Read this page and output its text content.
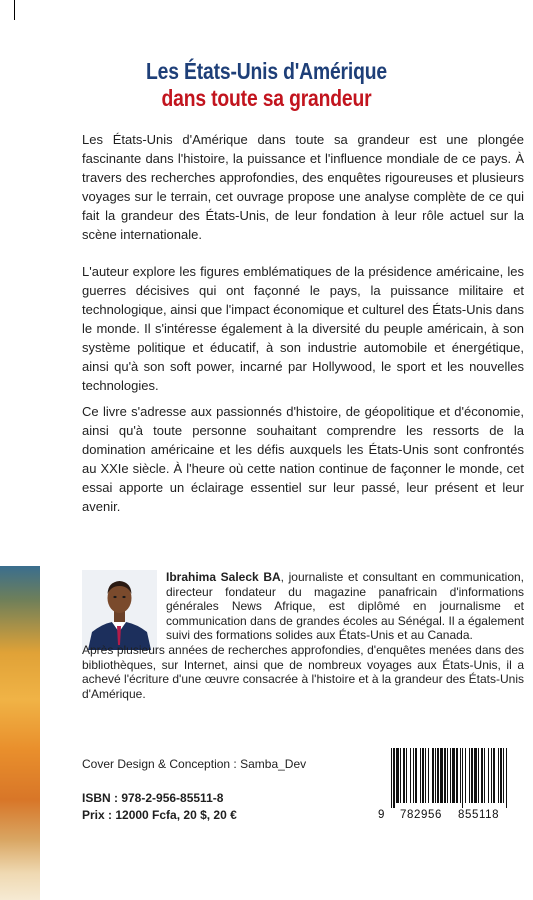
Les États-Unis d'Amérique
dans toute sa grandeur

Les États-Unis d'Amérique dans toute sa grandeur est une plongée fascinante dans l'histoire, la puissance et l'influence mondiale de ce pays. À travers des recherches approfondies, des enquêtes rigoureuses et plusieurs voyages sur le terrain, cet ouvrage propose une analyse complète de ce qui fait la grandeur des États-Unis, de leur fondation à leur rôle actuel sur la scène internationale.

L'auteur explore les figures emblématiques de la présidence américaine, les guerres décisives qui ont façonné le pays, la puissance militaire et technologique, ainsi que l'impact économique et culturel des États-Unis dans le monde. Il s'intéresse également à la diversité du peuple américain, à son système politique et éducatif, à son industrie automobile et énergétique, ainsi qu'à son soft power, incarné par Hollywood, le sport et les nouvelles technologies.

Ce livre s'adresse aux passionnés d'histoire, de géopolitique et d'économie, ainsi qu'à toute personne souhaitant comprendre les ressorts de la domination américaine et les défis auxquels les États-Unis sont confrontés au XXIe siècle. À l'heure où cette nation continue de façonner le monde, cet essai apporte un éclairage essentiel sur leur passé, leur présent et leur avenir.

Ibrahima Saleck BA, journaliste et consultant en communication, directeur fondateur du magazine panafricain d'informations générales News Afrique, est diplômé en journalisme et communication dans de grandes écoles au Sénégal. Il a également suivi des formations solides aux États-Unis et au Canada.

Après plusieurs années de recherches approfondies, d'enquêtes menées dans des bibliothèques, sur Internet, ainsi que de nombreux voyages aux États-Unis, il a achevé l'écriture d'une œuvre consacrée à l'histoire et à la grandeur des États-Unis d'Amérique.

Cover Design & Conception : Samba_Dev
ISBN : 978-2-956-85511-8
Prix : 12000 Fcfa, 20 $, 20 €	9 782956 855118
